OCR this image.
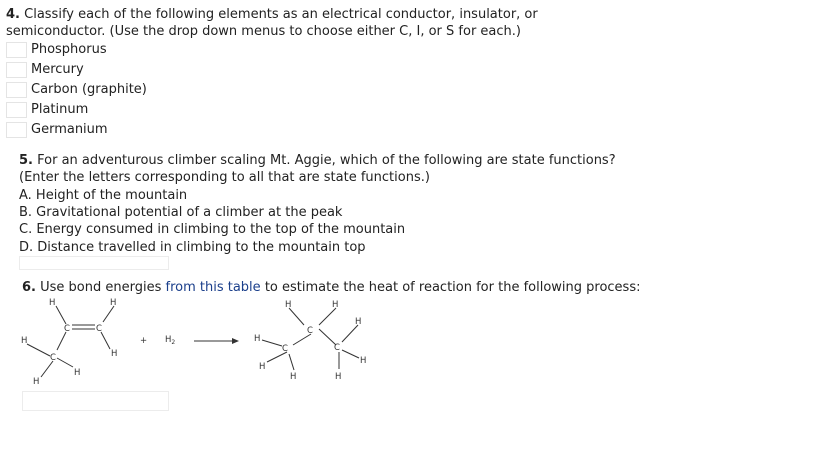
4. Classify each of the following elements as an electrical conductor, insulator, or
semiconductor. (Use the drop down menus to choose either C, I, or S for each.)
Phosphorus
Mercury
Carbon (graphite)
Platinum
Germanium
5. For an adventurous climber scaling Mt. Aggie, which of the following are state functions?
(Enter the letters corresponding to all that are state functions.)
A. Height of the mountain
B. Gravitational potential of a climber at the peak
C. Energy consumed in climbing to the top of the mountain
D. Distance travelled in climbing to the mountain top
6. Use bond energies from this table to estimate the heat of reaction for the following process:
H	H
C	C
H
C	H
H
H
+ $H_2$
H	H
C
H
H
C	C
H
H
H	H
